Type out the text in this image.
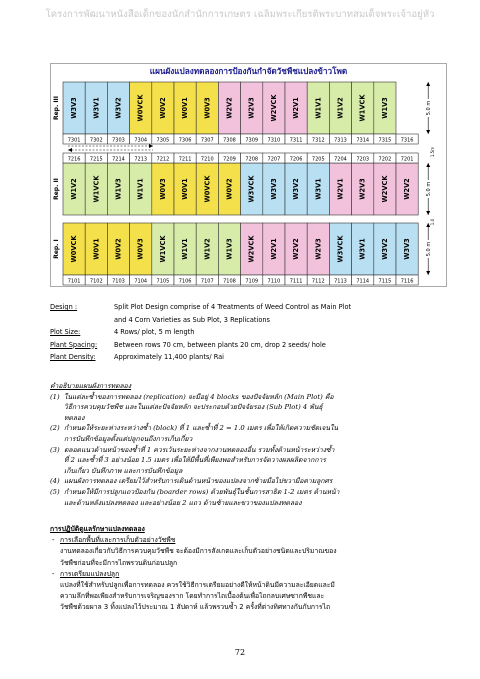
โครงการพัฒนาหนังสือเด็กของนักสำนักการเกษตร เฉลิมพระเกียรติพระบาทสมเด็จพระเจ้าอยู่หัว
แผนผังแปลงทดลองการป้องกันกำจัดวัชพืชแปลงข้าวโพด
Rep. III W3V3 W3V1 W3V2 W0VCK W0V2 W0V1 W0V3 W2V2 W2V3 W2VCK W2V1 W1V1 W1V2 W1VCK W1V3
7301 7302 7303 7304 7305 7306 7307 7308 7309 7310 7311 7312 7313 7314 7315 7316
5.0 m
Rep. II W1V2 W1VCK W1V3 W1V1 W0V3 W0V1 W0VCK W0V2 W3VCK W3V3 W3V2 W3V1 W2V1 W2V3 W2VCK W2V2
7216 7215 7214 7213 7212 7211 7210 7209 7208 7207 7206 7205 7204 7203 7202 7201
5.0 m
Rep. I W0VCK W0V1 W0V2 W0V3 W1VCK W1V1 W1V2 W1V3 W2VCK W2V1 W2V2 W2V3 W3VCK W3V1 W3V2 W3V3
7101 7102 7103 7104 7105 7106 7107 7108 7109 7110 7111 7112 7113 7114 7115 7116
5.0 m
1.5m
1.0
Design :	Split Plot Design comprise of 4 Treatments of Weed Control as Main Plot
and 4 Corn Varieties as Sub Plot, 3 Replications
Plot Size:	4 Rows/ plot, 5 m length
Plant Spacing:	Between rows 70 cm, between plants 20 cm, drop 2 seeds/ hole
Plant Density:	Approximately 11,400 plants/ Rai
คำอธิบายแผนผังการทดลอง
(1) ในแต่ละซ้ำของการทดลอง (replication) จะมีอยู่ 4 blocks ของปัจจัยหลัก (Main Plot) คือ
วิธีการควบคุมวัชพืช และในแต่ละปัจจัยหลัก จะประกอบด้วยปัจจัยรอง (Sub Plot) 4 พันธุ์
ทดลอง
(2) กำหนดให้ระยะห่างระหว่างซ้ำ (block) ที่ 1 และซ้ำที่ 2 = 1.0 เมตร เพื่อให้เกิดความชัดเจนใน
การบันทึกข้อมูลตั้งแต่ปลูกจนถึงการเก็บเกี่ยว
(3) ตลอดแนวด้านหน้าของซ้ำที่ 1 ควรเว้นระยะห่างจากงานทดลองอื่น รวมทั้งด้านหน้าระหว่างซ้ำ
ที่ 2 และซ้ำที่ 3 อย่างน้อย 1.5 เมตร เพื่อให้มีพื้นที่เพียงพอสำหรับการจัดวางผลผลิตจากการ
เก็บเกี่ยว บันทึกภาพ และการบันทึกข้อมูล
(4) แผนผังการทดลอง เตรียมไว้สำหรับการเดินด้านหน้าของแปลงจากซ้ายมือไปขวามือตามลูกศร
(5) กำหนดให้มีการปลูกแถวป้องกัน (boarder rows) ด้วยพันธุ์ในชั้นการสาธิต 1-2 เมตร ด้านหน้า
และด้านหลังแปลงทดลอง และอย่างน้อย 2 แถว ด้านซ้ายและขวาของแปลงทดลอง
การปฏิบัติดูแลรักษาแปลงทดลอง
- การเลือกพื้นที่และการเก็บตัวอย่างวัชพืช
งานทดลองเกี่ยวกับวิธีการควบคุมวัชพืช จะต้องมีการสังเกตและเก็บตัวอย่างชนิดและปริมาณของ
วัชพืชก่อนที่จะมีการไถพรวนดินก่อนปลูก
- การเตรียมแปลงปลูก
แปลงที่ใช้สำหรับปลูกเพื่อการทดลอง ควรใช้วิธีการเตรียมอย่างดีให้หน้าดินมีความละเอียดและมี
ความลึกที่พอเพียงสำหรับการเจริญของราก โดยทำการไถเบื้องต้นเพื่อไถกลบเศษซากพืชและ
วัชพืชด้วยผาล 3 ทิ้งแปลงไว้ประมาณ 1 สัปดาห์ แล้วพรวนซ้ำ 2 ครั้งที่ต่างทิศทางกันกับการไถ
72
